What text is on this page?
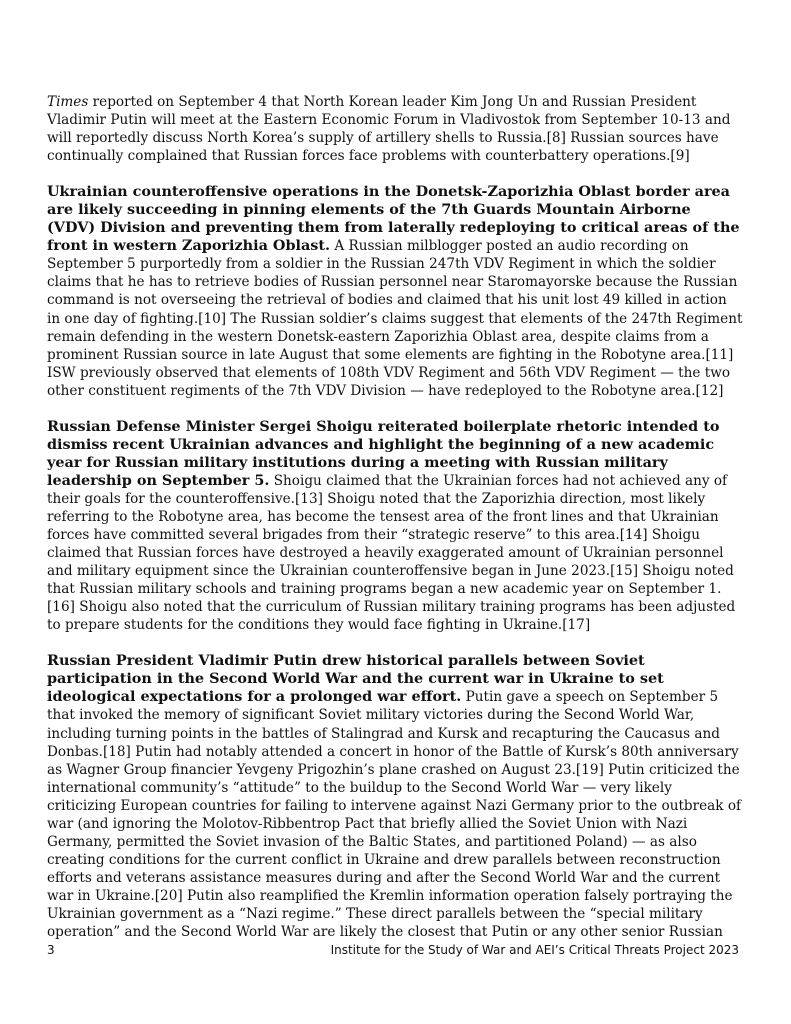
Times reported on September 4 that North Korean leader Kim Jong Un and Russian President Vladimir Putin will meet at the Eastern Economic Forum in Vladivostok from September 10-13 and will reportedly discuss North Korea’s supply of artillery shells to Russia.[8] Russian sources have continually complained that Russian forces face problems with counterbattery operations.[9]

Ukrainian counteroffensive operations in the Donetsk-Zaporizhia Oblast border area are likely succeeding in pinning elements of the 7th Guards Mountain Airborne (VDV) Division and preventing them from laterally redeploying to critical areas of the front in western Zaporizhia Oblast. A Russian milblogger posted an audio recording on September 5 purportedly from a soldier in the Russian 247th VDV Regiment in which the soldier claims that he has to retrieve bodies of Russian personnel near Staromayorske because the Russian command is not overseeing the retrieval of bodies and claimed that his unit lost 49 killed in action in one day of fighting.[10] The Russian soldier’s claims suggest that elements of the 247th Regiment remain defending in the western Donetsk-eastern Zaporizhia Oblast area, despite claims from a prominent Russian source in late August that some elements are fighting in the Robotyne area.[11] ISW previously observed that elements of 108th VDV Regiment and 56th VDV Regiment — the two other constituent regiments of the 7th VDV Division — have redeployed to the Robotyne area.[12]

Russian Defense Minister Sergei Shoigu reiterated boilerplate rhetoric intended to dismiss recent Ukrainian advances and highlight the beginning of a new academic year for Russian military institutions during a meeting with Russian military leadership on September 5. Shoigu claimed that the Ukrainian forces had not achieved any of their goals for the counteroffensive.[13] Shoigu noted that the Zaporizhia direction, most likely referring to the Robotyne area, has become the tensest area of the front lines and that Ukrainian forces have committed several brigades from their “strategic reserve” to this area.[14] Shoigu claimed that Russian forces have destroyed a heavily exaggerated amount of Ukrainian personnel and military equipment since the Ukrainian counteroffensive began in June 2023.[15] Shoigu noted that Russian military schools and training programs began a new academic year on September 1.[16] Shoigu also noted that the curriculum of Russian military training programs has been adjusted to prepare students for the conditions they would face fighting in Ukraine.[17]

Russian President Vladimir Putin drew historical parallels between Soviet participation in the Second World War and the current war in Ukraine to set ideological expectations for a prolonged war effort. Putin gave a speech on September 5 that invoked the memory of significant Soviet military victories during the Second World War, including turning points in the battles of Stalingrad and Kursk and recapturing the Caucasus and Donbas.[18] Putin had notably attended a concert in honor of the Battle of Kursk’s 80th anniversary as Wagner Group financier Yevgeny Prigozhin’s plane crashed on August 23.[19] Putin criticized the international community’s “attitude” to the buildup to the Second World War — very likely criticizing European countries for failing to intervene against Nazi Germany prior to the outbreak of war (and ignoring the Molotov-Ribbentrop Pact that briefly allied the Soviet Union with Nazi Germany, permitted the Soviet invasion of the Baltic States, and partitioned Poland) — as also creating conditions for the current conflict in Ukraine and drew parallels between reconstruction efforts and veterans assistance measures during and after the Second World War and the current war in Ukraine.[20] Putin also reamplified the Kremlin information operation falsely portraying the Ukrainian government as a “Nazi regime.” These direct parallels between the “special military operation” and the Second World War are likely the closest that Putin or any other senior Russian

3	Institute for the Study of War and AEI’s Critical Threats Project 2023
